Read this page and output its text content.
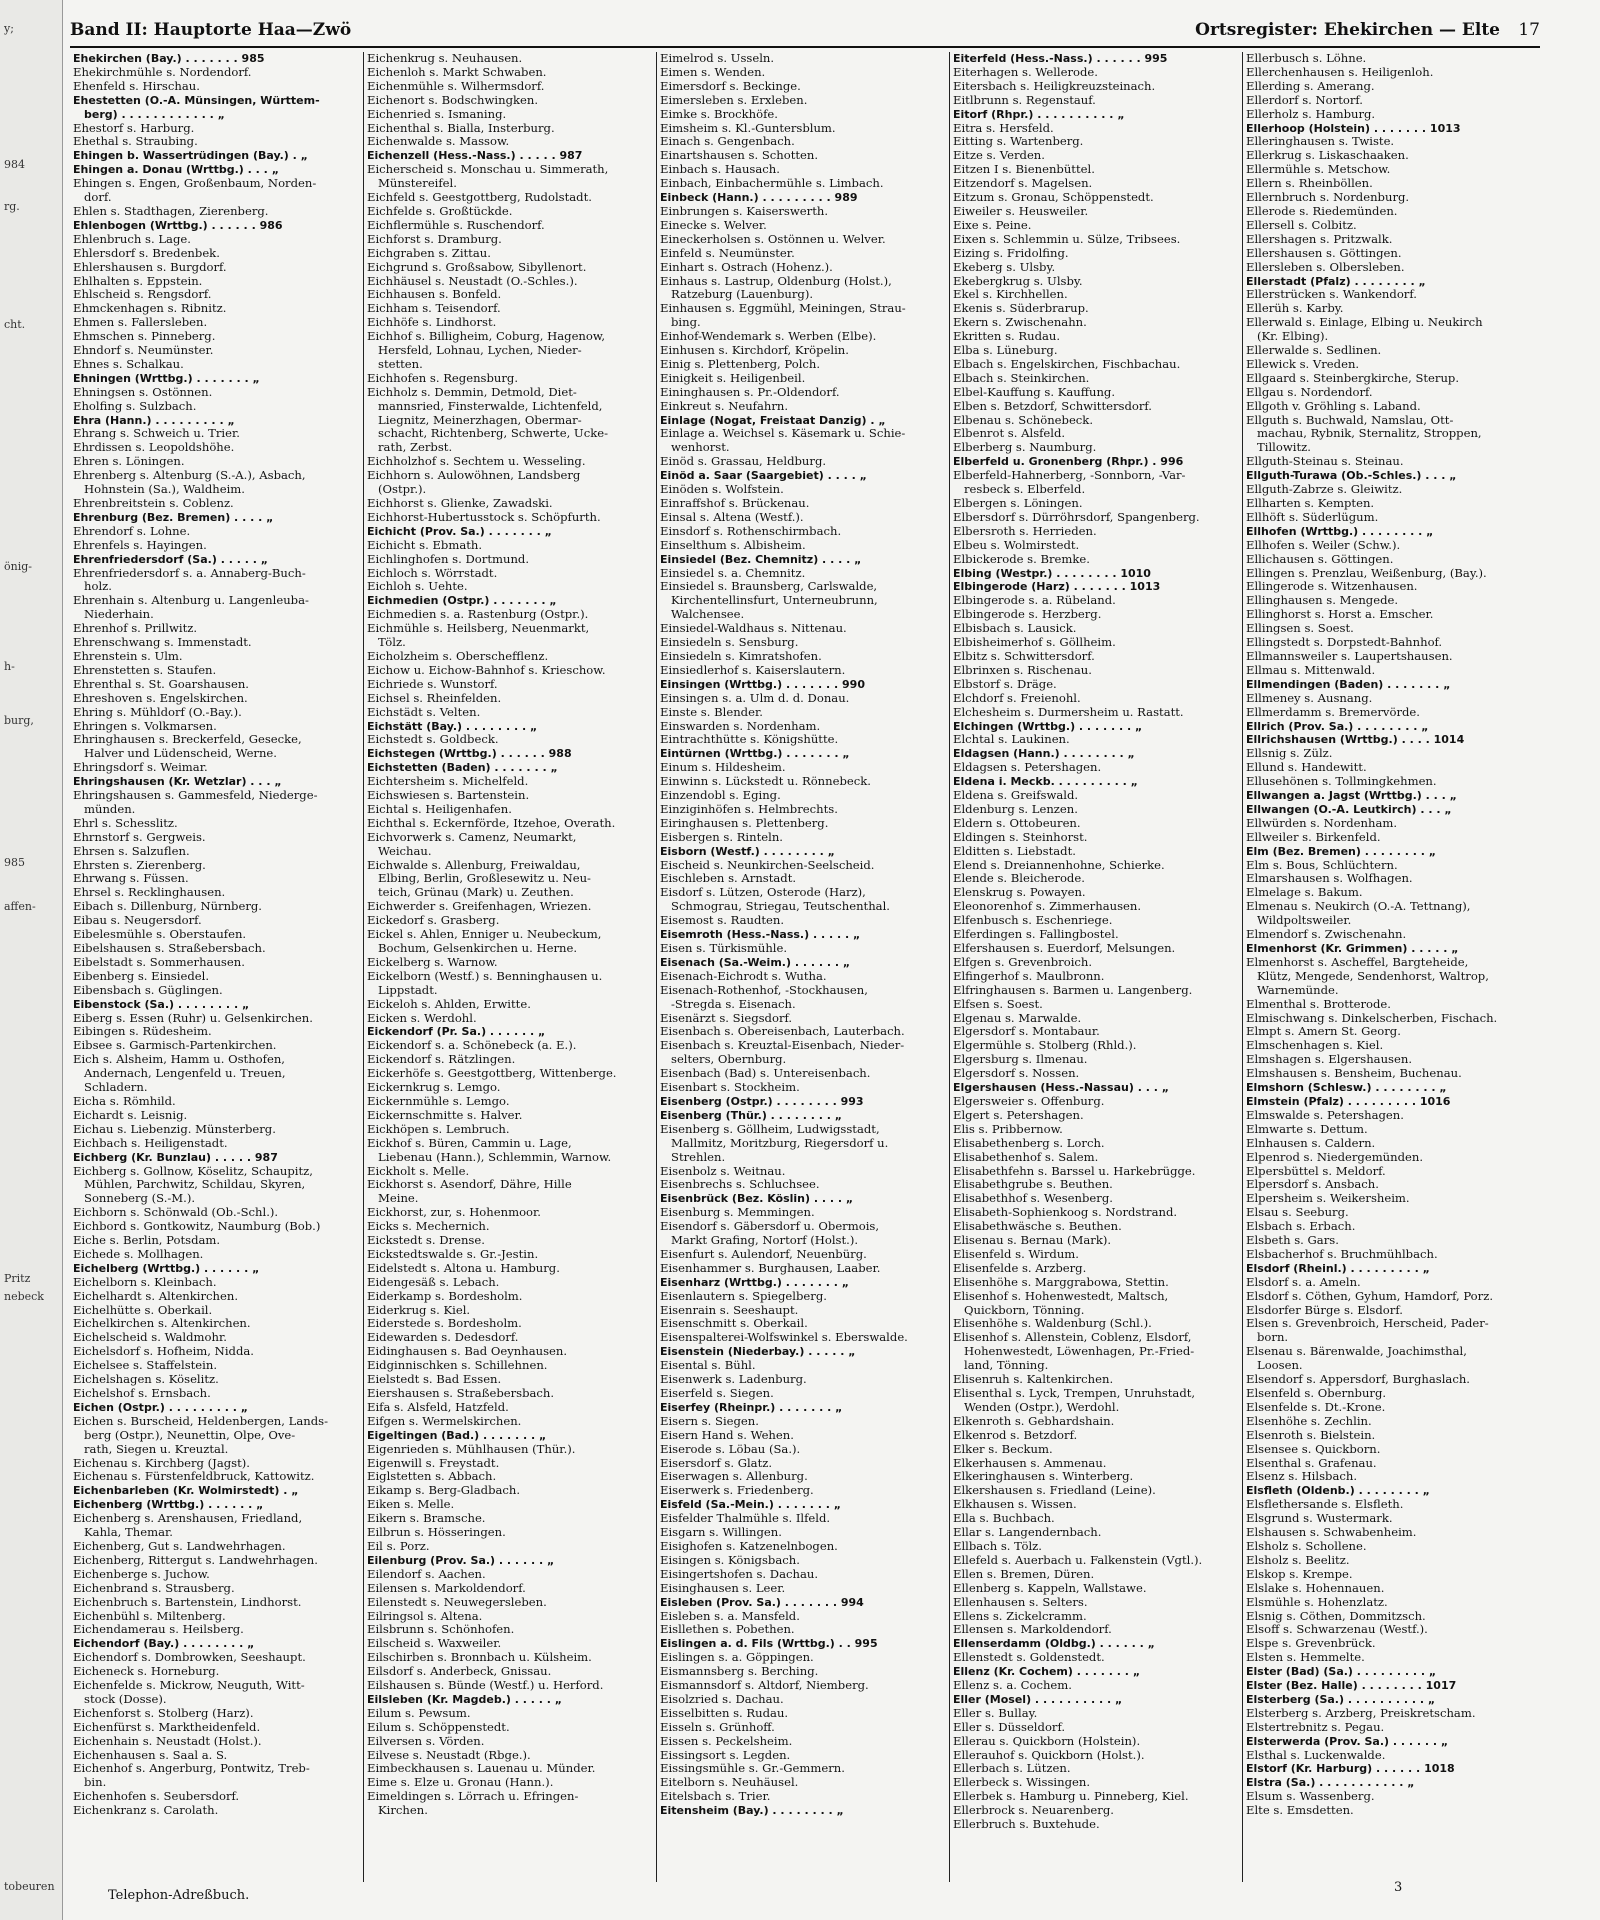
y;
984
rg.
cht.
önig-
h-
burg,
985
affen-
Pritz
nebeck
tobeuren
Band II: Hauptorte Haa—Zwö	Ortsregister: Ehekirchen — Elte 17
Ehekirchen (Bay.) . . . . . . . 985
Ehekirchmühle s. Nordendorf.
Ehenfeld s. Hirschau.
Ehestetten (O.-A. Münsingen, Württem-
berg) . . . . . . . . . . . . „
Ehestorf s. Harburg.
Ehethal s. Straubing.
Ehingen b. Wassertrüdingen (Bay.) . „
Ehingen a. Donau (Wrttbg.) . . . „
Ehingen s. Engen, Großenbaum, Norden-
dorf.
Ehlen s. Stadthagen, Zierenberg.
Ehlenbogen (Wrttbg.) . . . . . . 986
Ehlenbruch s. Lage.
Ehlersdorf s. Bredenbek.
Ehlershausen s. Burgdorf.
Ehlhalten s. Eppstein.
Ehlscheid s. Rengsdorf.
Ehmckenhagen s. Ribnitz.
Ehmen s. Fallersleben.
Ehmschen s. Pinneberg.
Ehndorf s. Neumünster.
Ehnes s. Schalkau.
Ehningen (Wrttbg.) . . . . . . . „
Ehningsen s. Ostönnen.
Eholfing s. Sulzbach.
Ehra (Hann.) . . . . . . . . . „
Ehrang s. Schweich u. Trier.
Ehrdissen s. Leopoldshöhe.
Ehren s. Löningen.
Ehrenberg s. Altenburg (S.-A.), Asbach,
Hohnstein (Sa.), Waldheim.
Ehrenbreitstein s. Coblenz.
Ehrenburg (Bez. Bremen) . . . . „
Ehrendorf s. Lohne.
Ehrenfels s. Hayingen.
Ehrenfriedersdorf (Sa.) . . . . . „
Ehrenfriedersdorf s. a. Annaberg-Buch-
holz.
Ehrenhain s. Altenburg u. Langenleuba-
Niederhain.
Ehrenhof s. Prillwitz.
Ehrenschwang s. Immenstadt.
Ehrenstein s. Ulm.
Ehrenstetten s. Staufen.
Ehrenthal s. St. Goarshausen.
Ehreshoven s. Engelskirchen.
Ehring s. Mühldorf (O.-Bay.).
Ehringen s. Volkmarsen.
Ehringhausen s. Breckerfeld, Gesecke,
Halver und Lüdenscheid, Werne.
Ehringsdorf s. Weimar.
Ehringshausen (Kr. Wetzlar) . . . „
Ehringshausen s. Gammesfeld, Niederge-
münden.
Ehrl s. Schesslitz.
Ehrnstorf s. Gergweis.
Ehrsen s. Salzuflen.
Ehrsten s. Zierenberg.
Ehrwang s. Füssen.
Ehrsel s. Recklinghausen.
Eibach s. Dillenburg, Nürnberg.
Eibau s. Neugersdorf.
Eibelesmühle s. Oberstaufen.
Eibelshausen s. Straßebersbach.
Eibelstadt s. Sommerhausen.
Eibenberg s. Einsiedel.
Eibensbach s. Güglingen.
Eibenstock (Sa.) . . . . . . . . „
Eiberg s. Essen (Ruhr) u. Gelsenkirchen.
Eibingen s. Rüdesheim.
Eibsee s. Garmisch-Partenkirchen.
Eich s. Alsheim, Hamm u. Osthofen,
Andernach, Lengenfeld u. Treuen,
Schladern.
Eicha s. Römhild.
Eichardt s. Leisnig.
Eichau s. Liebenzig. Münsterberg.
Eichbach s. Heiligenstadt.
Eichberg (Kr. Bunzlau) . . . . . 987
Eichberg s. Gollnow, Köselitz, Schaupitz,
Mühlen, Parchwitz, Schildau, Skyren,
Sonneberg (S.-M.).
Eichborn s. Schönwald (Ob.-Schl.).
Eichbord s. Gontkowitz, Naumburg (Bob.)
Eiche s. Berlin, Potsdam.
Eichede s. Mollhagen.
Eichelberg (Wrttbg.) . . . . . . „
Eichelborn s. Kleinbach.
Eichelhardt s. Altenkirchen.
Eichelhütte s. Oberkail.
Eichelkirchen s. Altenkirchen.
Eichelscheid s. Waldmohr.
Eichelsdorf s. Hofheim, Nidda.
Eichelsee s. Staffelstein.
Eichelshagen s. Köselitz.
Eichelshof s. Ernsbach.
Eichen (Ostpr.) . . . . . . . . . „
Eichen s. Burscheid, Heldenbergen, Lands-
berg (Ostpr.), Neunettin, Olpe, Ove-
rath, Siegen u. Kreuztal.
Eichenau s. Kirchberg (Jagst).
Eichenau s. Fürstenfeldbruck, Kattowitz.
Eichenbarleben (Kr. Wolmirstedt) . „
Eichenberg (Wrttbg.) . . . . . . „
Eichenberg s. Arenshausen, Friedland,
Kahla, Themar.
Eichenberg, Gut s. Landwehrhagen.
Eichenberg, Rittergut s. Landwehrhagen.
Eichenberge s. Juchow.
Eichenbrand s. Strausberg.
Eichenbruch s. Bartenstein, Lindhorst.
Eichenbühl s. Miltenberg.
Eichendamerau s. Heilsberg.
Eichendorf (Bay.) . . . . . . . . „
Eichendorf s. Dombrowken, Seeshaupt.
Eicheneck s. Horneburg.
Eichenfelde s. Mickrow, Neuguth, Witt-
stock (Dosse).
Eichenforst s. Stolberg (Harz).
Eichenfürst s. Marktheidenfeld.
Eichenhain s. Neustadt (Holst.).
Eichenhausen s. Saal a. S.
Eichenhof s. Angerburg, Pontwitz, Treb-
bin.
Eichenhofen s. Seubersdorf.
Eichenkranz s. Carolath.
Eichenkrug s. Neuhausen.
Eichenloh s. Markt Schwaben.
Eichenmühle s. Wilhermsdorf.
Eichenort s. Bodschwingken.
Eichenried s. Ismaning.
Eichenthal s. Bialla, Insterburg.
Eichenwalde s. Massow.
Eichenzell (Hess.-Nass.) . . . . . 987
Eicherscheid s. Monschau u. Simmerath,
Münstereifel.
Eichfeld s. Geestgottberg, Rudolstadt.
Eichfelde s. Großtückde.
Eichflermühle s. Ruschendorf.
Eichforst s. Dramburg.
Eichgraben s. Zittau.
Eichgrund s. Großsabow, Sibyllenort.
Eichhäusel s. Neustadt (O.-Schles.).
Eichhausen s. Bonfeld.
Eichham s. Teisendorf.
Eichhöfe s. Lindhorst.
Eichhof s. Billigheim, Coburg, Hagenow,
Hersfeld, Lohnau, Lychen, Nieder-
stetten.
Eichhofen s. Regensburg.
Eichholz s. Demmin, Detmold, Diet-
mannsried, Finsterwalde, Lichtenfeld,
Liegnitz, Meinerzhagen, Obermar-
schacht, Richtenberg, Schwerte, Ucke-
rath, Zerbst.
Eichholzhof s. Sechtem u. Wesseling.
Eichhorn s. Aulowöhnen, Landsberg
(Ostpr.).
Eichhorst s. Glienke, Zawadski.
Eichhorst-Hubertusstock s. Schöpfurth.
Eichicht (Prov. Sa.) . . . . . . . „
Eichicht s. Ebmath.
Eichlinghofen s. Dortmund.
Eichloch s. Wörrstadt.
Eichloh s. Uehte.
Eichmedien (Ostpr.) . . . . . . . „
Eichmedien s. a. Rastenburg (Ostpr.).
Eichmühle s. Heilsberg, Neuenmarkt,
Tölz.
Eicholzheim s. Oberschefflenz.
Eichow u. Eichow-Bahnhof s. Krieschow.
Eichriede s. Wunstorf.
Eichsel s. Rheinfelden.
Eichstädt s. Velten.
Eichstätt (Bay.) . . . . . . . . „
Eichstedt s. Goldbeck.
Eichstegen (Wrttbg.) . . . . . . 988
Eichstetten (Baden) . . . . . . . „
Eichtersheim s. Michelfeld.
Eichswiesen s. Bartenstein.
Eichtal s. Heiligenhafen.
Eichthal s. Eckernförde, Itzehoe, Overath.
Eichvorwerk s. Camenz, Neumarkt,
Weichau.
Eichwalde s. Allenburg, Freiwaldau,
Elbing, Berlin, Großlesewitz u. Neu-
teich, Grünau (Mark) u. Zeuthen.
Eichwerder s. Greifenhagen, Wriezen.
Eickedorf s. Grasberg.
Eickel s. Ahlen, Enniger u. Neubeckum,
Bochum, Gelsenkirchen u. Herne.
Eickelberg s. Warnow.
Eickelborn (Westf.) s. Benninghausen u.
Lippstadt.
Eickeloh s. Ahlden, Erwitte.
Eicken s. Werdohl.
Eickendorf (Pr. Sa.) . . . . . . „
Eickendorf s. a. Schönebeck (a. E.).
Eickendorf s. Rätzlingen.
Eickerhöfe s. Geestgottberg, Wittenberge.
Eickernkrug s. Lemgo.
Eickernmühle s. Lemgo.
Eickernschmitte s. Halver.
Eickhöpen s. Lembruch.
Eickhof s. Büren, Cammin u. Lage,
Liebenau (Hann.), Schlemmin, Warnow.
Eickholt s. Melle.
Eickhorst s. Asendorf, Dähre, Hille
Meine.
Eickhorst, zur, s. Hohenmoor.
Eicks s. Mechernich.
Eickstedt s. Drense.
Eickstedtswalde s. Gr.-Jestin.
Eidelstedt s. Altona u. Hamburg.
Eidengesäß s. Lebach.
Eiderkamp s. Bordesholm.
Eiderkrug s. Kiel.
Eiderstede s. Bordesholm.
Eidewarden s. Dedesdorf.
Eidinghausen s. Bad Oeynhausen.
Eidginnischken s. Schillehnen.
Eielstedt s. Bad Essen.
Eiershausen s. Straßebersbach.
Eifa s. Alsfeld, Hatzfeld.
Eifgen s. Wermelskirchen.
Eigeltingen (Bad.) . . . . . . . „
Eigenrieden s. Mühlhausen (Thür.).
Eigenwill s. Freystadt.
Eiglstetten s. Abbach.
Eikamp s. Berg-Gladbach.
Eiken s. Melle.
Eikern s. Bramsche.
Eilbrun s. Hösseringen.
Eil s. Porz.
Eilenburg (Prov. Sa.) . . . . . . „
Eilendorf s. Aachen.
Eilensen s. Markoldendorf.
Eilenstedt s. Neuwegersleben.
Eilringsol s. Altena.
Eilsbrunn s. Schönhofen.
Eilscheid s. Waxweiler.
Eilschirben s. Bronnbach u. Külsheim.
Eilsdorf s. Anderbeck, Gnissau.
Eilshausen s. Bünde (Westf.) u. Herford.
Eilsleben (Kr. Magdeb.) . . . . . „
Eilum s. Pewsum.
Eilum s. Schöppenstedt.
Eilversen s. Vörden.
Eilvese s. Neustadt (Rbge.).
Eimbeckhausen s. Lauenau u. Münder.
Eime s. Elze u. Gronau (Hann.).
Eimeldingen s. Lörrach u. Efringen-
Kirchen.
Eimelrod s. Usseln.
Eimen s. Wenden.
Eimersdorf s. Beckinge.
Eimersleben s. Erxleben.
Eimke s. Brockhöfe.
Eimsheim s. Kl.-Guntersblum.
Einach s. Gengenbach.
Einartshausen s. Schotten.
Einbach s. Hausach.
Einbach, Einbachermühle s. Limbach.
Einbeck (Hann.) . . . . . . . . . 989
Einbrungen s. Kaiserswerth.
Einecke s. Welver.
Eineckerholsen s. Ostönnen u. Welver.
Einfeld s. Neumünster.
Einhart s. Ostrach (Hohenz.).
Einhaus s. Lastrup, Oldenburg (Holst.),
Ratzeburg (Lauenburg).
Einhausen s. Eggmühl, Meiningen, Strau-
bing.
Einhof-Wendemark s. Werben (Elbe).
Einhusen s. Kirchdorf, Kröpelin.
Einig s. Plettenberg, Polch.
Einigkeit s. Heiligenbeil.
Eininghausen s. Pr.-Oldendorf.
Einkreut s. Neufahrn.
Einlage (Nogat, Freistaat Danzig) . „
Einlage a. Weichsel s. Käsemark u. Schie-
wenhorst.
Einöd s. Grassau, Heldburg.
Einöd a. Saar (Saargebiet) . . . . „
Einöden s. Wolfstein.
Einraffshof s. Brückenau.
Einsal s. Altena (Westf.).
Einsdorf s. Rothenschirmbach.
Einselthum s. Albisheim.
Einsiedel (Bez. Chemnitz) . . . . „
Einsiedel s. a. Chemnitz.
Einsiedel s. Braunsberg, Carlswalde,
Kirchentellinsfurt, Unterneubrunn,
Walchensee.
Einsiedel-Waldhaus s. Nittenau.
Einsiedeln s. Sensburg.
Einsiedeln s. Kimratshofen.
Einsiedlerhof s. Kaiserslautern.
Einsingen (Wrttbg.) . . . . . . . 990
Einsingen s. a. Ulm d. d. Donau.
Einste s. Blender.
Einswarden s. Nordenham.
Eintrachthütte s. Königshütte.
Eintürnen (Wrttbg.) . . . . . . . „
Einum s. Hildesheim.
Einwinn s. Lückstedt u. Rönnebeck.
Einzendobl s. Eging.
Einziginhöfen s. Helmbrechts.
Eiringhausen s. Plettenberg.
Eisbergen s. Rinteln.
Eisborn (Westf.) . . . . . . . . „
Eischeid s. Neunkirchen-Seelscheid.
Eischleben s. Arnstadt.
Eisdorf s. Lützen, Osterode (Harz),
Schmograu, Striegau, Teutschenthal.
Eisemost s. Raudten.
Eisemroth (Hess.-Nass.) . . . . . „
Eisen s. Türkismühle.
Eisenach (Sa.-Weim.) . . . . . . „
Eisenach-Eichrodt s. Wutha.
Eisenach-Rothenhof, -Stockhausen,
-Stregda s. Eisenach.
Eisenärzt s. Siegsdorf.
Eisenbach s. Obereisenbach, Lauterbach.
Eisenbach s. Kreuztal-Eisenbach, Nieder-
selters, Obernburg.
Eisenbach (Bad) s. Untereisenbach.
Eisenbart s. Stockheim.
Eisenberg (Ostpr.) . . . . . . . . 993
Eisenberg (Thür.) . . . . . . . . „
Eisenberg s. Göllheim, Ludwigsstadt,
Mallmitz, Moritzburg, Riegersdorf u.
Strehlen.
Eisenbolz s. Weitnau.
Eisenbrechs s. Schluchsee.
Eisenbrück (Bez. Köslin) . . . . „
Eisenburg s. Memmingen.
Eisendorf s. Gäbersdorf u. Obermois,
Markt Grafing, Nortorf (Holst.).
Eisenfurt s. Aulendorf, Neuenbürg.
Eisenhammer s. Burghausen, Laaber.
Eisenharz (Wrttbg.) . . . . . . . „
Eisenlautern s. Spiegelberg.
Eisenrain s. Seeshaupt.
Eisenschmitt s. Oberkail.
Eisenspalterei-Wolfswinkel s. Eberswalde.
Eisenstein (Niederbay.) . . . . . „
Eisental s. Bühl.
Eisenwerk s. Ladenburg.
Eiserfeld s. Siegen.
Eiserfey (Rheinpr.) . . . . . . . „
Eisern s. Siegen.
Eisern Hand s. Wehen.
Eiserode s. Löbau (Sa.).
Eisersdorf s. Glatz.
Eiserwagen s. Allenburg.
Eiserwerk s. Friedenberg.
Eisfeld (Sa.-Mein.) . . . . . . . „
Eisfelder Thalmühle s. Ilfeld.
Eisgarn s. Willingen.
Eisighofen s. Katzenelnbogen.
Eisingen s. Königsbach.
Eisingertshofen s. Dachau.
Eisinghausen s. Leer.
Eisleben (Prov. Sa.) . . . . . . . 994
Eisleben s. a. Mansfeld.
Eisllethen s. Pobethen.
Eislingen a. d. Fils (Wrttbg.) . . 995
Eislingen s. a. Göppingen.
Eismannsberg s. Berching.
Eismannsdorf s. Altdorf, Niemberg.
Eisolzried s. Dachau.
Eisselbitten s. Rudau.
Eisseln s. Grünhoff.
Eissen s. Peckelsheim.
Eissingsort s. Legden.
Eissingsmühle s. Gr.-Gemmern.
Eitelborn s. Neuhäusel.
Eitelsbach s. Trier.
Eitensheim (Bay.) . . . . . . . . „
Eiterfeld (Hess.-Nass.) . . . . . . 995
Eiterhagen s. Wellerode.
Eitersbach s. Heiligkreuzsteinach.
Eitlbrunn s. Regenstauf.
Eitorf (Rhpr.) . . . . . . . . . . „
Eitra s. Hersfeld.
Eitting s. Wartenberg.
Eitze s. Verden.
Eitzen I s. Bienenbüttel.
Eitzendorf s. Magelsen.
Eitzum s. Gronau, Schöppenstedt.
Eiweiler s. Heusweiler.
Eixe s. Peine.
Eixen s. Schlemmin u. Sülze, Tribsees.
Eizing s. Fridolfing.
Ekeberg s. Ulsby.
Ekebergkrug s. Ulsby.
Ekel s. Kirchhellen.
Ekenis s. Süderbrarup.
Ekern s. Zwischenahn.
Ekritten s. Rudau.
Elba s. Lüneburg.
Elbach s. Engelskirchen, Fischbachau.
Elbach s. Steinkirchen.
Elbel-Kauffung s. Kauffung.
Elben s. Betzdorf, Schwittersdorf.
Elbenau s. Schönebeck.
Elbenrot s. Alsfeld.
Elberberg s. Naumburg.
Elberfeld u. Gronenberg (Rhpr.) . 996
Elberfeld-Hahnerberg, -Sonnborn, -Var-
resbeck s. Elberfeld.
Elbergen s. Löningen.
Elbersdorf s. Dürröhrsdorf, Spangenberg.
Elbersroth s. Herrieden.
Elbeu s. Wolmirstedt.
Elbickerode s. Bremke.
Elbing (Westpr.) . . . . . . . . 1010
Elbingerode (Harz) . . . . . . . 1013
Elbingerode s. a. Rübeland.
Elbingerode s. Herzberg.
Elbisbach s. Lausick.
Elbisheimerhof s. Göllheim.
Elbitz s. Schwittersdorf.
Elbrinxen s. Rischenau.
Elbstorf s. Dräge.
Elchdorf s. Freienohl.
Elchesheim s. Durmersheim u. Rastatt.
Elchingen (Wrttbg.) . . . . . . . „
Elchtal s. Laukinen.
Eldagsen (Hann.) . . . . . . . . „
Eldagsen s. Petershagen.
Eldena i. Meckb. . . . . . . . . . „
Eldena s. Greifswald.
Eldenburg s. Lenzen.
Eldern s. Ottobeuren.
Eldingen s. Steinhorst.
Elditten s. Liebstadt.
Elend s. Dreiannenhohne, Schierke.
Elende s. Bleicherode.
Elenskrug s. Powayen.
Eleonorenhof s. Zimmerhausen.
Elfenbusch s. Eschenriege.
Elferdingen s. Fallingbostel.
Elfershausen s. Euerdorf, Melsungen.
Elfgen s. Grevenbroich.
Elfingerhof s. Maulbronn.
Elfringhausen s. Barmen u. Langenberg.
Elfsen s. Soest.
Elgenau s. Marwalde.
Elgersdorf s. Montabaur.
Elgermühle s. Stolberg (Rhld.).
Elgersburg s. Ilmenau.
Elgersdorf s. Nossen.
Elgershausen (Hess.-Nassau) . . . „
Elgersweier s. Offenburg.
Elgert s. Petershagen.
Elis s. Pribbernow.
Elisabethenberg s. Lorch.
Elisabethenhof s. Salem.
Elisabethfehn s. Barssel u. Harkebrügge.
Elisabethgrube s. Beuthen.
Elisabethhof s. Wesenberg.
Elisabeth-Sophienkoog s. Nordstrand.
Elisabethwäsche s. Beuthen.
Elisenau s. Bernau (Mark).
Elisenfeld s. Wirdum.
Elisenfelde s. Arzberg.
Elisenhöhe s. Marggrabowa, Stettin.
Elisenhof s. Hohenwestedt, Maltsch,
Quickborn, Tönning.
Elisenhöhe s. Waldenburg (Schl.).
Elisenhof s. Allenstein, Coblenz, Elsdorf,
Hohenwestedt, Löwenhagen, Pr.-Fried-
land, Tönning.
Elisenruh s. Kaltenkirchen.
Elisenthal s. Lyck, Trempen, Unruhstadt,
Wenden (Ostpr.), Werdohl.
Elkenroth s. Gebhardshain.
Elkenrod s. Betzdorf.
Elker s. Beckum.
Elkerhausen s. Ammenau.
Elkeringhausen s. Winterberg.
Elkershausen s. Friedland (Leine).
Elkhausen s. Wissen.
Ella s. Buchbach.
Ellar s. Langendernbach.
Ellbach s. Tölz.
Ellefeld s. Auerbach u. Falkenstein (Vgtl.).
Ellen s. Bremen, Düren.
Ellenberg s. Kappeln, Wallstawe.
Ellenhausen s. Selters.
Ellens s. Zickelcramm.
Ellensen s. Markoldendorf.
Ellenserdamm (Oldbg.) . . . . . . „
Ellenstedt s. Goldenstedt.
Ellenz (Kr. Cochem) . . . . . . . „
Ellenz s. a. Cochem.
Eller (Mosel) . . . . . . . . . . „
Eller s. Bullay.
Eller s. Düsseldorf.
Ellerau s. Quickborn (Holstein).
Ellerauhof s. Quickborn (Holst.).
Ellerbach s. Lützen.
Ellerbeck s. Wissingen.
Ellerbek s. Hamburg u. Pinneberg, Kiel.
Ellerbrock s. Neuarenberg.
Ellerbruch s. Buxtehude.
Ellerbusch s. Löhne.
Ellerchenhausen s. Heiligenloh.
Ellerding s. Amerang.
Ellerdorf s. Nortorf.
Ellerholz s. Hamburg.
Ellerhoop (Holstein) . . . . . . . 1013
Elleringhausen s. Twiste.
Ellerkrug s. Liskaschaaken.
Ellermühle s. Metschow.
Ellern s. Rheinböllen.
Ellernbruch s. Nordenburg.
Ellerode s. Riedemünden.
Ellersell s. Colbitz.
Ellershagen s. Pritzwalk.
Ellershausen s. Göttingen.
Ellersleben s. Olbersleben.
Ellerstadt (Pfalz) . . . . . . . . „
Ellerstrücken s. Wankendorf.
Ellerüh s. Karby.
Ellerwald s. Einlage, Elbing u. Neukirch
(Kr. Elbing).
Ellerwalde s. Sedlinen.
Ellewick s. Vreden.
Ellgaard s. Steinbergkirche, Sterup.
Ellgau s. Nordendorf.
Ellgoth v. Gröhling s. Laband.
Ellguth s. Buchwald, Namslau, Ott-
machau, Rybnik, Sternalitz, Stroppen,
Tillowitz.
Ellguth-Steinau s. Steinau.
Ellguth-Turawa (Ob.-Schles.) . . . „
Ellguth-Zabrze s. Gleiwitz.
Ellharten s. Kempten.
Ellhöft s. Süderlügum.
Ellhofen (Wrttbg.) . . . . . . . . „
Ellhofen s. Weiler (Schw.).
Ellichausen s. Göttingen.
Ellingen s. Prenzlau, Weißenburg, (Bay.).
Ellingerode s. Witzenhausen.
Ellinghausen s. Mengede.
Ellinghorst s. Horst a. Emscher.
Ellingsen s. Soest.
Ellingstedt s. Dorpstedt-Bahnhof.
Ellmannsweiler s. Laupertshausen.
Ellmau s. Mittenwald.
Ellmendingen (Baden) . . . . . . . „
Ellmeney s. Ausnang.
Ellmerdamm s. Bremervörde.
Ellrich (Prov. Sa.) . . . . . . . . „
Ellrichshausen (Wrttbg.) . . . . 1014
Ellsnig s. Zülz.
Ellund s. Handewitt.
Ellusehönen s. Tollmingkehmen.
Ellwangen a. Jagst (Wrttbg.) . . . „
Ellwangen (O.-A. Leutkirch) . . . „
Ellwürden s. Nordenham.
Ellweiler s. Birkenfeld.
Elm (Bez. Bremen) . . . . . . . . „
Elm s. Bous, Schlüchtern.
Elmarshausen s. Wolfhagen.
Elmelage s. Bakum.
Elmenau s. Neukirch (O.-A. Tettnang),
Wildpoltsweiler.
Elmendorf s. Zwischenahn.
Elmenhorst (Kr. Grimmen) . . . . . „
Elmenhorst s. Ascheffel, Bargteheide,
Klütz, Mengede, Sendenhorst, Waltrop,
Warnemünde.
Elmenthal s. Brotterode.
Elmischwang s. Dinkelscherben, Fischach.
Elmpt s. Amern St. Georg.
Elmschenhagen s. Kiel.
Elmshagen s. Elgershausen.
Elmshausen s. Bensheim, Buchenau.
Elmshorn (Schlesw.) . . . . . . . . „
Elmstein (Pfalz) . . . . . . . . . 1016
Elmswalde s. Petershagen.
Elmwarte s. Dettum.
Elnhausen s. Caldern.
Elpenrod s. Niedergemünden.
Elpersbüttel s. Meldorf.
Elpersdorf s. Ansbach.
Elpersheim s. Weikersheim.
Elsau s. Seeburg.
Elsbach s. Erbach.
Elsbeth s. Gars.
Elsbacherhof s. Bruchmühlbach.
Elsdorf (Rheinl.) . . . . . . . . . „
Elsdorf s. a. Ameln.
Elsdorf s. Cöthen, Gyhum, Hamdorf, Porz.
Elsdorfer Bürge s. Elsdorf.
Elsen s. Grevenbroich, Herscheid, Pader-
born.
Elsenau s. Bärenwalde, Joachimsthal,
Loosen.
Elsendorf s. Appersdorf, Burghaslach.
Elsenfeld s. Obernburg.
Elsenfelde s. Dt.-Krone.
Elsenhöhe s. Zechlin.
Elsenroth s. Bielstein.
Elsensee s. Quickborn.
Elsenthal s. Grafenau.
Elsenz s. Hilsbach.
Elsfleth (Oldenb.) . . . . . . . . „
Elsflethersande s. Elsfleth.
Elsgrund s. Wustermark.
Elshausen s. Schwabenheim.
Elsholz s. Schollene.
Elsholz s. Beelitz.
Elskop s. Krempe.
Elslake s. Hohennauen.
Elsmühle s. Hohenzlatz.
Elsnig s. Cöthen, Dommitzsch.
Elsoff s. Schwarzenau (Westf.).
Elspe s. Grevenbrück.
Elsten s. Hemmelte.
Elster (Bad) (Sa.) . . . . . . . . . „
Elster (Bez. Halle) . . . . . . . . 1017
Elsterberg (Sa.) . . . . . . . . . . „
Elsterberg s. Arzberg, Preiskretscham.
Elstertrebnitz s. Pegau.
Elsterwerda (Prov. Sa.) . . . . . . „
Elsthal s. Luckenwalde.
Elstorf (Kr. Harburg) . . . . . . 1018
Elstra (Sa.) . . . . . . . . . . . „
Elsum s. Wassenberg.
Elte s. Emsdetten.
Telephon-Adreßbuch.
3
